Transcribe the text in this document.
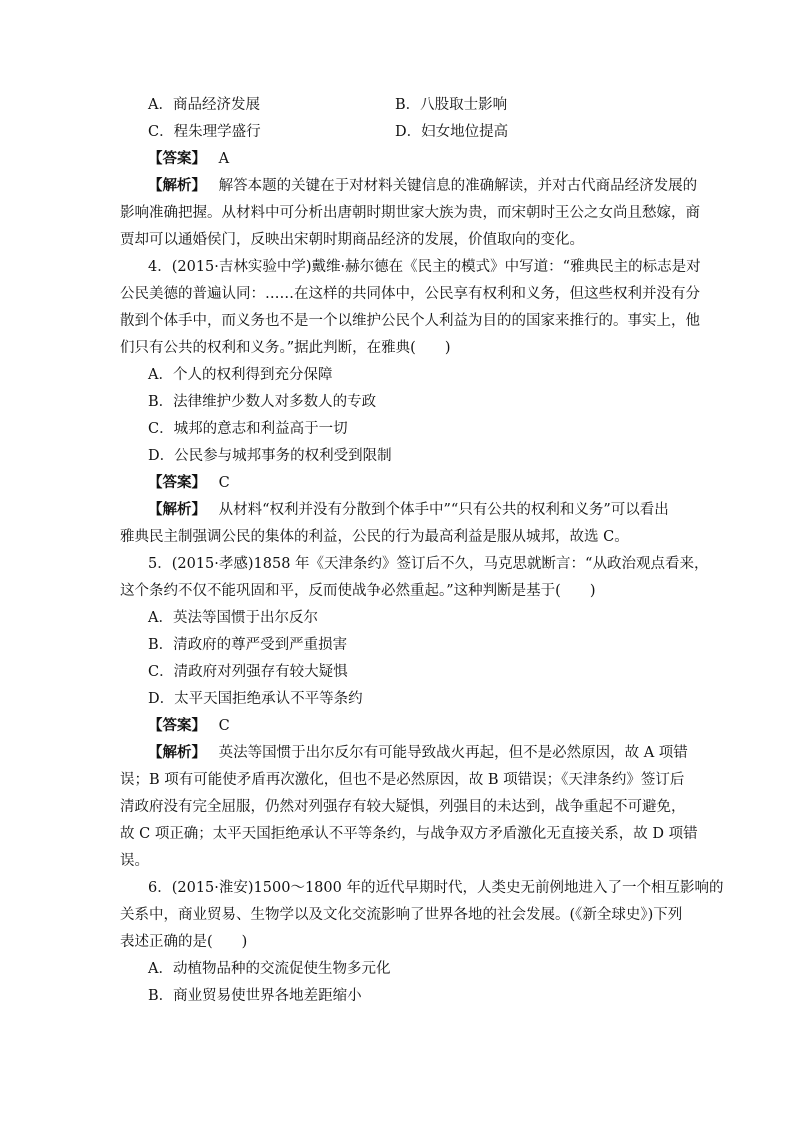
A．商品经济发展	B．八股取士影响
C．程朱理学盛行	D．妇女地位提高
【答案】 A
【解析】 解答本题的关键在于对材料关键信息的准确解读，并对古代商品经济发展的
影响准确把握。从材料中可分析出唐朝时期世家大族为贵，而宋朝时王公之女尚且愁嫁，商
贾却可以通婚侯门，反映出宋朝时期商品经济的发展，价值取向的变化。
4．(2015·吉林实验中学)戴维·赫尔德在《民主的模式》中写道：“雅典民主的标志是对
公民美德的普遍认同：……在这样的共同体中，公民享有权利和义务，但这些权利并没有分
散到个体手中，而义务也不是一个以维护公民个人利益为目的的国家来推行的。事实上，他
们只有公共的权利和义务。”据此判断，在雅典(　　)
A．个人的权利得到充分保障
B．法律维护少数人对多数人的专政
C．城邦的意志和利益高于一切
D．公民参与城邦事务的权利受到限制
【答案】 C
【解析】 从材料“权利并没有分散到个体手中”“只有公共的权利和义务”可以看出
雅典民主制强调公民的集体的利益，公民的行为最高利益是服从城邦，故选 C。
5．(2015·孝感)1858 年《天津条约》签订后不久，马克思就断言：“从政治观点看来，
这个条约不仅不能巩固和平，反而使战争必然重起。”这种判断是基于(　　)
A．英法等国惯于出尔反尔
B．清政府的尊严受到严重损害
C．清政府对列强存有较大疑惧
D．太平天国拒绝承认不平等条约
【答案】 C
【解析】 英法等国惯于出尔反尔有可能导致战火再起，但不是必然原因，故 A 项错
误；B 项有可能使矛盾再次激化，但也不是必然原因，故 B 项错误；《天津条约》签订后
清政府没有完全屈服，仍然对列强存有较大疑惧，列强目的未达到，战争重起不可避免，
故 C 项正确；太平天国拒绝承认不平等条约，与战争双方矛盾激化无直接关系，故 D 项错
误。
6．(2015·淮安)1500～1800 年的近代早期时代，人类史无前例地进入了一个相互影响的
关系中，商业贸易、生物学以及文化交流影响了世界各地的社会发展。(《新全球史》)下列
表述正确的是(　　)
A．动植物品种的交流促使生物多元化
B．商业贸易使世界各地差距缩小
